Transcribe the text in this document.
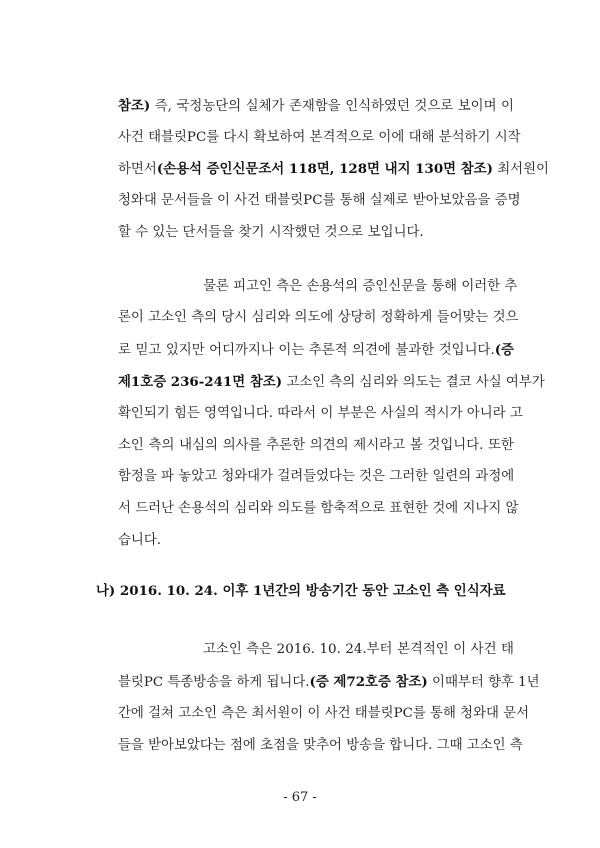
참조) 즉, 국정농단의 실체가 존재함을 인식하였던 것으로 보이며 이
사건 태블릿PC를 다시 확보하여 본격적으로 이에 대해 분석하기 시작
하면서(손용석 증인신문조서 118면, 128면 내지 130면 참조) 최서원이
청와대 문서들을 이 사건 태블릿PC를 통해 실제로 받아보았음을 증명
할 수 있는 단서들을 찾기 시작했던 것으로 보입니다.
물론 피고인 측은 손용석의 증인신문을 통해 이러한 추
론이 고소인 측의 당시 심리와 의도에 상당히 정확하게 들어맞는 것으
로 믿고 있지만 어디까지나 이는 추론적 의견에 불과한 것입니다.(증
제1호증 236-241면 참조) 고소인 측의 심리와 의도는 결코 사실 여부가
확인되기 힘든 영역입니다. 따라서 이 부분은 사실의 적시가 아니라 고
소인 측의 내심의 의사를 추론한 의견의 제시라고 볼 것입니다. 또한
함정을 파 놓았고 청와대가 걸려들었다는 것은 그러한 일련의 과정에
서 드러난 손용석의 심리와 의도를 함축적으로 표현한 것에 지나지 않
습니다.
나) 2016. 10. 24. 이후 1년간의 방송기간 동안 고소인 측 인식자료
고소인 측은 2016. 10. 24.부터 본격적인 이 사건 태
블릿PC 특종방송을 하게 됩니다.(증 제72호증 참조) 이때부터 향후 1년
간에 걸쳐 고소인 측은 최서원이 이 사건 태블릿PC를 통해 청와대 문서
들을 받아보았다는 점에 초점을 맞추어 방송을 합니다. 그때 고소인 측
- 67 -
